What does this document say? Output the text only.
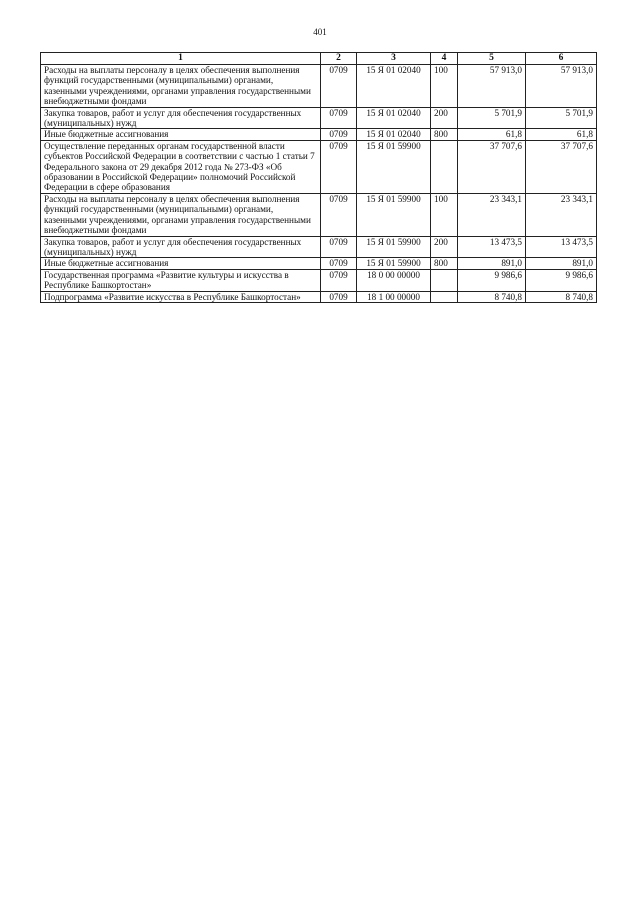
401
1	2	3	4	5	6
Расходы на выплаты персоналу в целях обеспечения выполнения функций государственными (муниципальными) органами, казенными учреждениями, органами управления государственными внебюджетными фондами	0709	15 Я 01 02040	100	57 913,0	57 913,0
Закупка товаров, работ и услуг для обеспечения государственных (муниципальных) нужд	0709	15 Я 01 02040	200	5 701,9	5 701,9
Иные бюджетные ассигнования	0709	15 Я 01 02040	800	61,8	61,8
Осуществление переданных органам государственной власти субъектов Российской Федерации в соответствии с частью 1 статьи 7 Федерального закона от 29 декабря 2012 года № 273-ФЗ «Об образовании в Российской Федерации» полномочий Российской Федерации в сфере образования	0709	15 Я 01 59900		37 707,6	37 707,6
Расходы на выплаты персоналу в целях обеспечения выполнения функций государственными (муниципальными) органами, казенными учреждениями, органами управления государственными внебюджетными фондами	0709	15 Я 01 59900	100	23 343,1	23 343,1
Закупка товаров, работ и услуг для обеспечения государственных (муниципальных) нужд	0709	15 Я 01 59900	200	13 473,5	13 473,5
Иные бюджетные ассигнования	0709	15 Я 01 59900	800	891,0	891,0
Государственная программа «Развитие культуры и искусства в Республике Башкортостан»	0709	18 0 00 00000		9 986,6	9 986,6
Подпрограмма «Развитие искусства в Республике Башкортостан»	0709	18 1 00 00000		8 740,8	8 740,8
